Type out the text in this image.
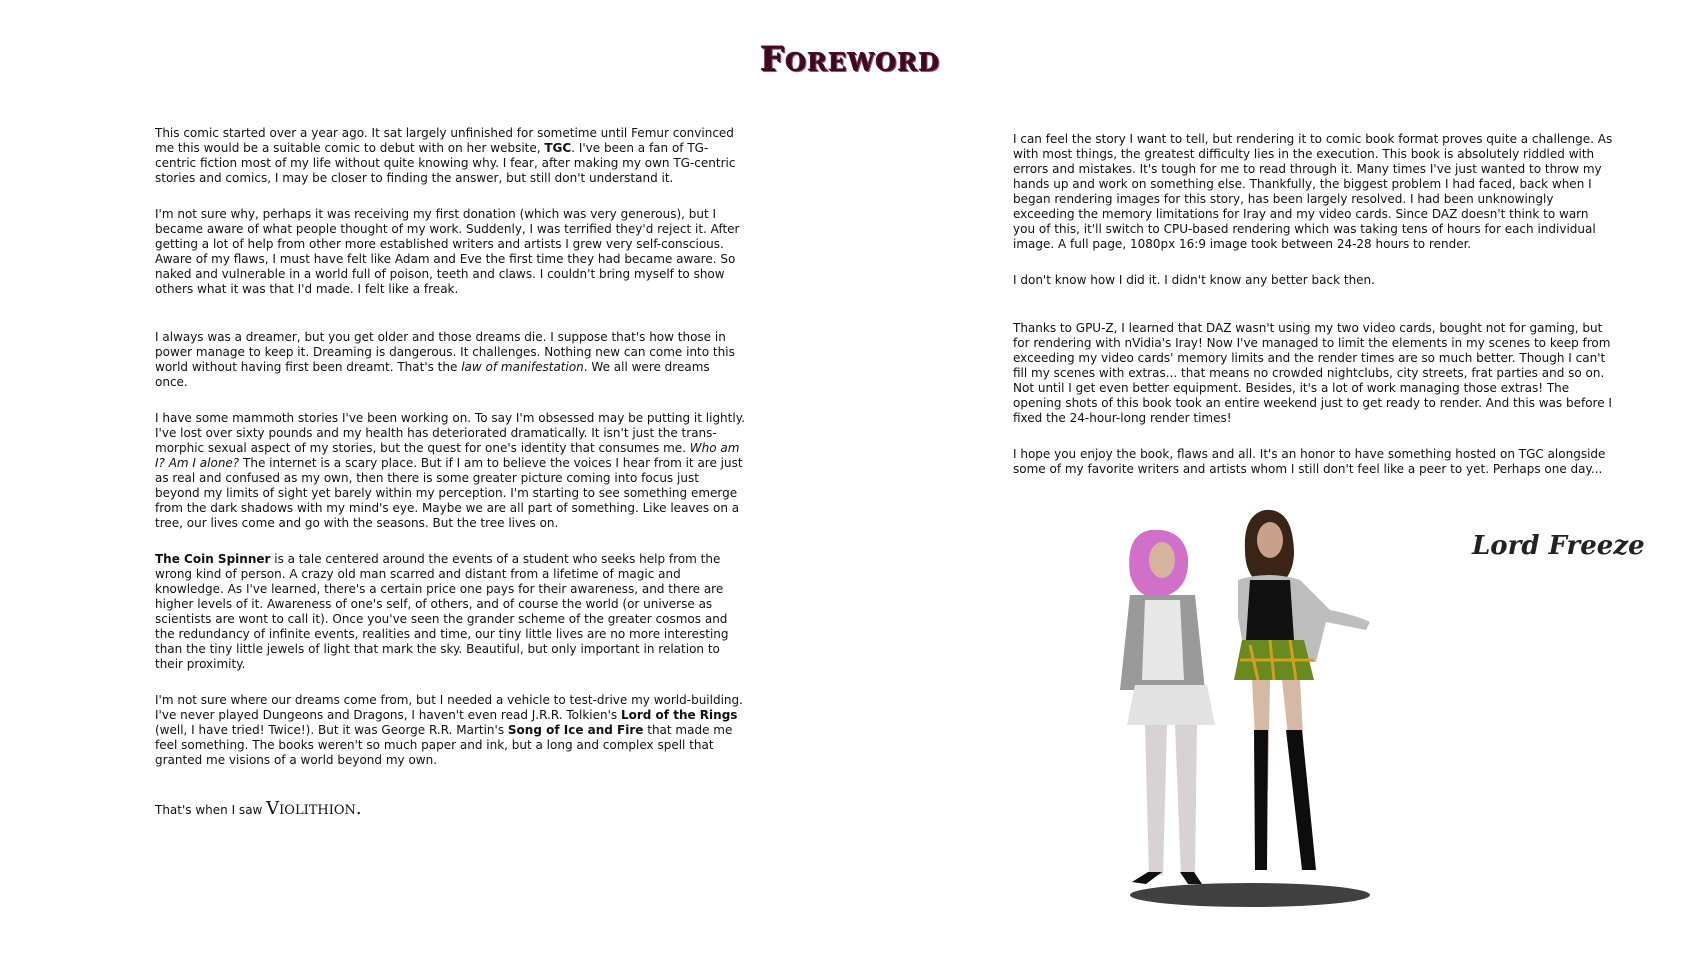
Foreword

This comic started over a year ago. It sat largely unfinished for sometime until Femur convinced me this would be a suitable comic to debut with on her website, TGC. I've been a fan of TG-centric fiction most of my life without quite knowing why. I fear, after making my own TG-centric stories and comics, I may be closer to finding the answer, but still don't understand it.

I'm not sure why, perhaps it was receiving my first donation (which was very generous), but I became aware of what people thought of my work. Suddenly, I was terrified they'd reject it. After getting a lot of help from other more established writers and artists I grew very self-conscious. Aware of my flaws, I must have felt like Adam and Eve the first time they had became aware. So naked and vulnerable in a world full of poison, teeth and claws. I couldn't bring myself to show others what it was that I'd made. I felt like a freak.

I always was a dreamer, but you get older and those dreams die. I suppose that's how those in power manage to keep it. Dreaming is dangerous. It challenges. Nothing new can come into this world without having first been dreamt. That's the law of manifestation. We all were dreams once.

I have some mammoth stories I've been working on. To say I'm obsessed may be putting it lightly. I've lost over sixty pounds and my health has deteriorated dramatically. It isn't just the trans-morphic sexual aspect of my stories, but the quest for one's identity that consumes me. Who am I? Am I alone? The internet is a scary place. But if I am to believe the voices I hear from it are just as real and confused as my own, then there is some greater picture coming into focus just beyond my limits of sight yet barely within my perception. I'm starting to see something emerge from the dark shadows with my mind's eye. Maybe we are all part of something. Like leaves on a tree, our lives come and go with the seasons. But the tree lives on.

The Coin Spinner is a tale centered around the events of a student who seeks help from the wrong kind of person. A crazy old man scarred and distant from a lifetime of magic and knowledge. As I've learned, there's a certain price one pays for their awareness, and there are higher levels of it. Awareness of one's self, of others, and of course the world (or universe as scientists are wont to call it). Once you've seen the grander scheme of the greater cosmos and the redundancy of infinite events, realities and time, our tiny little lives are no more interesting than the tiny little jewels of light that mark the sky. Beautiful, but only important in relation to their proximity.

I'm not sure where our dreams come from, but I needed a vehicle to test-drive my world-building. I've never played Dungeons and Dragons, I haven't even read J.R.R. Tolkien's Lord of the Rings (well, I have tried! Twice!). But it was George R.R. Martin's Song of Ice and Fire that made me feel something. The books weren't so much paper and ink, but a long and complex spell that granted me visions of a world beyond my own.

That's when I saw Violithion.

I can feel the story I want to tell, but rendering it to comic book format proves quite a challenge. As with most things, the greatest difficulty lies in the execution. This book is absolutely riddled with errors and mistakes. It's tough for me to read through it. Many times I've just wanted to throw my hands up and work on something else. Thankfully, the biggest problem I had faced, back when I began rendering images for this story, has been largely resolved. I had been unknowingly exceeding the memory limitations for Iray and my video cards. Since DAZ doesn't think to warn you of this, it'll switch to CPU-based rendering which was taking tens of hours for each individual image. A full page, 1080px 16:9 image took between 24-28 hours to render.

I don't know how I did it. I didn't know any better back then.

Thanks to GPU-Z, I learned that DAZ wasn't using my two video cards, bought not for gaming, but for rendering with nVidia's Iray! Now I've managed to limit the elements in my scenes to keep from exceeding my video cards' memory limits and the render times are so much better. Though I can't fill my scenes with extras... that means no crowded nightclubs, city streets, frat parties and so on. Not until I get even better equipment. Besides, it's a lot of work managing those extras! The opening shots of this book took an entire weekend just to get ready to render. And this was before I fixed the 24-hour-long render times!

I hope you enjoy the book, flaws and all. It's an honor to have something hosted on TGC alongside some of my favorite writers and artists whom I still don't feel like a peer to yet. Perhaps one day...

Lord Freeze
